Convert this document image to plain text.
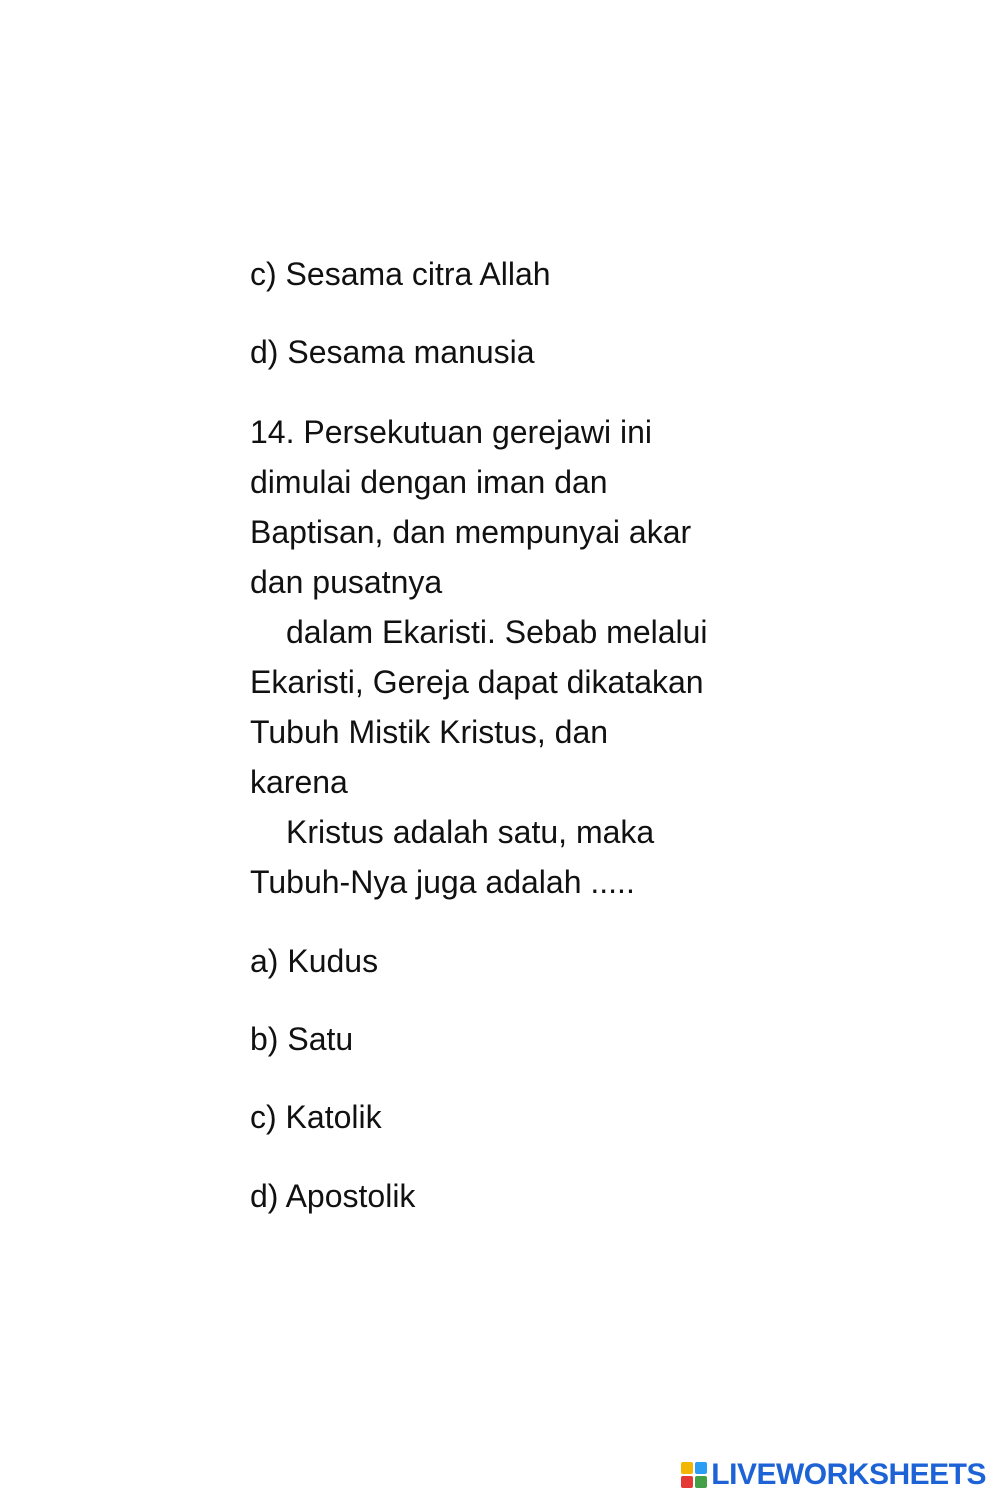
c) Sesama citra Allah

d) Sesama manusia

14. Persekutuan gerejawi ini

dimulai dengan iman dan

Baptisan, dan mempunyai akar

dan pusatnya

dalam Ekaristi. Sebab melalui

Ekaristi, Gereja dapat dikatakan

Tubuh Mistik Kristus, dan

karena

Kristus adalah satu, maka

Tubuh-Nya juga adalah .....

a) Kudus

b) Satu

c) Katolik

d) Apostolik

LIVEWORKSHEETS
